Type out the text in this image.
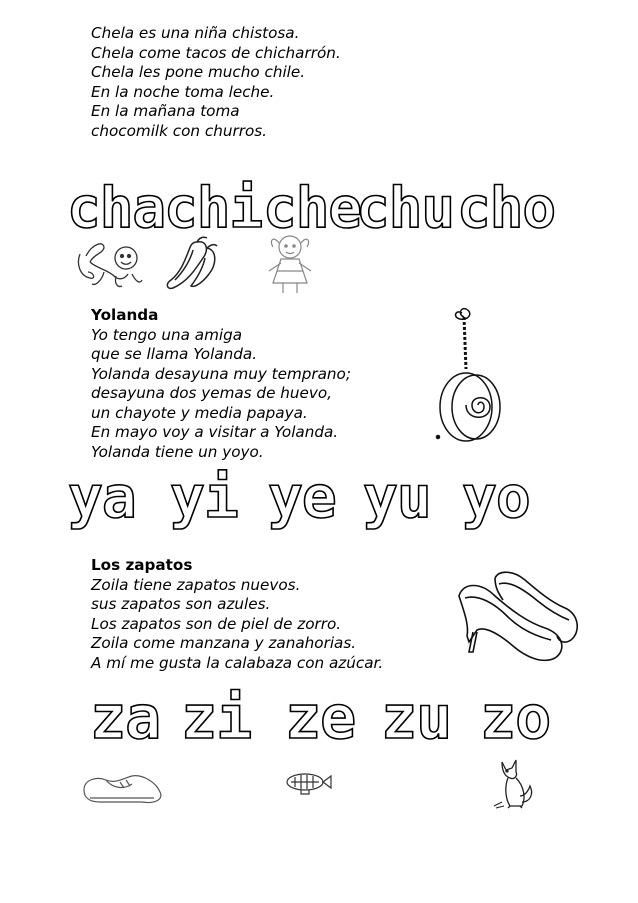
Chela es una niña chistosa.
Chela come tacos de chicharrón.
Chela les pone mucho chile.
En la noche toma leche.
En la mañana toma
chocomilk con churros.
cha
chi che
chu cho
Yolanda
Yo tengo una amiga
que se llama Yolanda.
Yolanda desayuna muy temprano;
desayuna dos yemas de huevo,
un chayote y media papaya.
En mayo voy a visitar a Yolanda.
Yolanda tiene un yoyo.
ya yi ye yu yo
Los zapatos
Zoila tiene zapatos nuevos.
sus zapatos son azules.
Los zapatos son de piel de zorro.
Zoila come manzana y zanahorias.
A mí me gusta la calabaza con azúcar.
za zi ze zu zo
